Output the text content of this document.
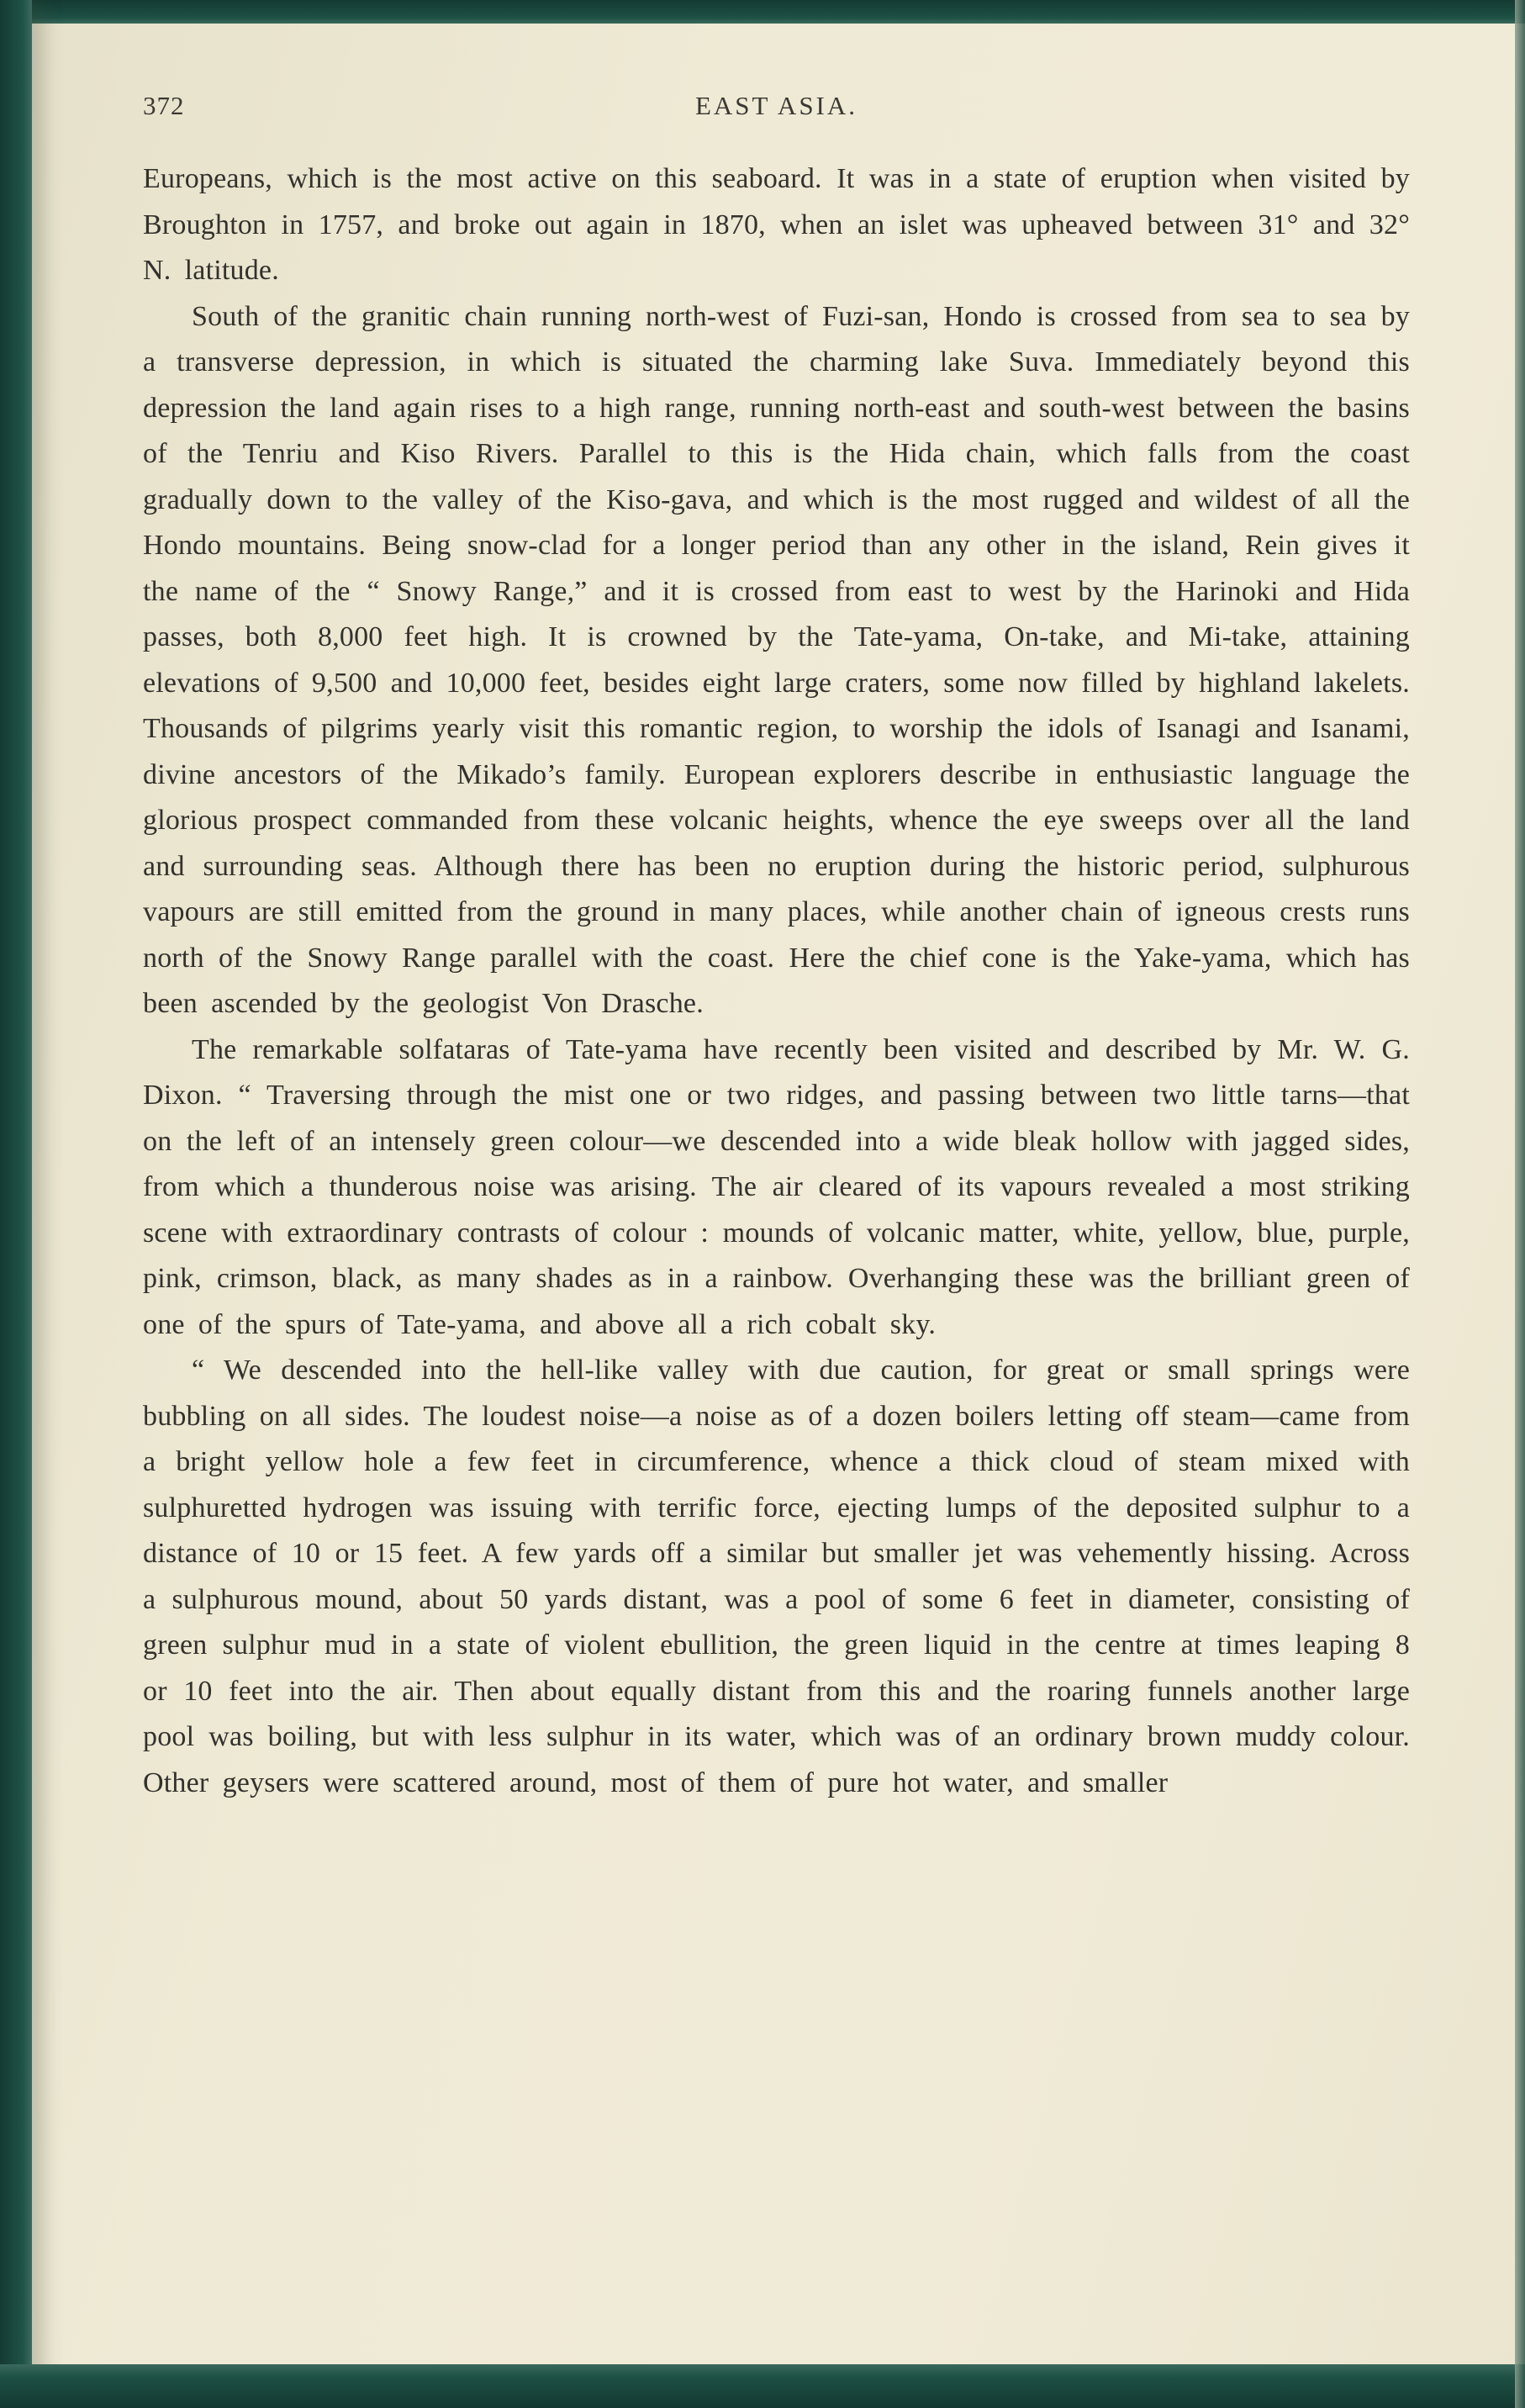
372	EAST ASIA.

Europeans, which is the most active on this seaboard. It was in a state of eruption when visited by Broughton in 1757, and broke out again in 1870, when an islet was upheaved between 31° and 32° N. latitude.

South of the granitic chain running north-west of Fuzi-san, Hondo is crossed from sea to sea by a transverse depression, in which is situated the charming lake Suva. Immediately beyond this depression the land again rises to a high range, running north-east and south-west between the basins of the Tenriu and Kiso Rivers. Parallel to this is the Hida chain, which falls from the coast gradually down to the valley of the Kiso-gava, and which is the most rugged and wildest of all the Hondo mountains. Being snow-clad for a longer period than any other in the island, Rein gives it the name of the “ Snowy Range,” and it is crossed from east to west by the Harinoki and Hida passes, both 8,000 feet high. It is crowned by the Tate-yama, On-take, and Mi-take, attaining elevations of 9,500 and 10,000 feet, besides eight large craters, some now filled by highland lakelets. Thousands of pilgrims yearly visit this romantic region, to worship the idols of Isanagi and Isanami, divine ancestors of the Mikado’s family. European explorers describe in enthusiastic language the glorious prospect commanded from these volcanic heights, whence the eye sweeps over all the land and surrounding seas. Although there has been no eruption during the historic period, sulphurous vapours are still emitted from the ground in many places, while another chain of igneous crests runs north of the Snowy Range parallel with the coast. Here the chief cone is the Yake-yama, which has been ascended by the geologist Von Drasche.

The remarkable solfataras of Tate-yama have recently been visited and described by Mr. W. G. Dixon. “ Traversing through the mist one or two ridges, and passing between two little tarns—that on the left of an intensely green colour—we descended into a wide bleak hollow with jagged sides, from which a thunderous noise was arising. The air cleared of its vapours revealed a most striking scene with extraordinary contrasts of colour : mounds of volcanic matter, white, yellow, blue, purple, pink, crimson, black, as many shades as in a rainbow. Overhanging these was the brilliant green of one of the spurs of Tate-yama, and above all a rich cobalt sky.

“ We descended into the hell-like valley with due caution, for great or small springs were bubbling on all sides. The loudest noise—a noise as of a dozen boilers letting off steam—came from a bright yellow hole a few feet in circumference, whence a thick cloud of steam mixed with sulphuretted hydrogen was issuing with terrific force, ejecting lumps of the deposited sulphur to a distance of 10 or 15 feet. A few yards off a similar but smaller jet was vehemently hissing. Across a sulphurous mound, about 50 yards distant, was a pool of some 6 feet in diameter, consisting of green sulphur mud in a state of violent ebullition, the green liquid in the centre at times leaping 8 or 10 feet into the air. Then about equally distant from this and the roaring funnels another large pool was boiling, but with less sulphur in its water, which was of an ordinary brown muddy colour. Other geysers were scattered around, most of them of pure hot water, and smaller
